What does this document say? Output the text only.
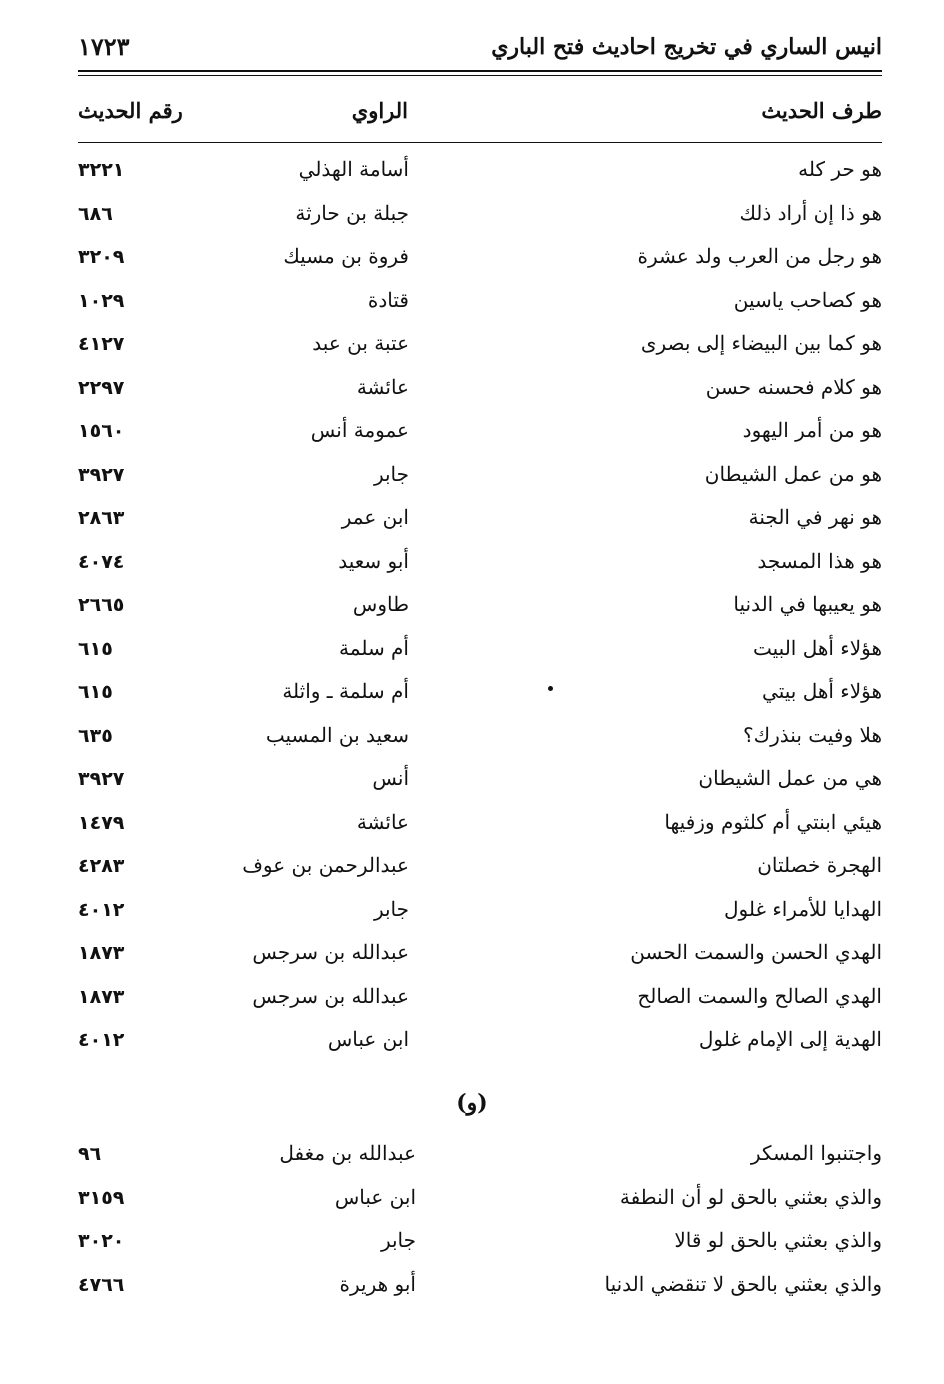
انيس الساري في تخريج احاديث فتح الباري
١٧٢٣
طرف الحديث
الراوي
رقم الحديث
هو حر كله
أسامة الهذلي
٣٢٢١
هو ذا إن أراد ذلك
جبلة بن حارثة
٦٨٦
هو رجل من العرب ولد عشرة
فروة بن مسيك
٣٢٠٩
هو كصاحب ياسين
قتادة
١٠٢٩
هو كما بين البيضاء إلى بصرى
عتبة بن عبد
٤١٢٧
هو كلام فحسنه حسن
عائشة
٢٢٩٧
هو من أمر اليهود
عمومة أنس
١٥٦٠
هو من عمل الشيطان
جابر
٣٩٢٧
هو نهر في الجنة
ابن عمر
٢٨٦٣
هو هذا المسجد
أبو سعيد
٤٠٧٤
هو يعيبها في الدنيا
طاوس
٢٦٦٥
هؤلاء أهل البيت
أم سلمة
٦١٥
هؤلاء أهل بيتي
أم سلمة ـ واثلة
٦١٥
هلا وفيت بنذرك؟
سعيد بن المسيب
٦٣٥
هي من عمل الشيطان
أنس
٣٩٢٧
هيئي ابنتي أم كلثوم وزفيها
عائشة
١٤٧٩
الهجرة خصلتان
عبدالرحمن بن عوف
٤٢٨٣
الهدايا للأمراء غلول
جابر
٤٠١٢
الهدي الحسن والسمت الحسن
عبدالله بن سرجس
١٨٧٣
الهدي الصالح والسمت الصالح
عبدالله بن سرجس
١٨٧٣
الهدية إلى الإمام غلول
ابن عباس
٤٠١٢
(و)
واجتنبوا المسكر
عبدالله بن مغفل
٩٦
والذي بعثني بالحق لو أن النطفة
ابن عباس
٣١٥٩
والذي بعثني بالحق لو قالا
جابر
٣٠٢٠
والذي بعثني بالحق لا تنقضي الدنيا
أبو هريرة
٤٧٦٦
